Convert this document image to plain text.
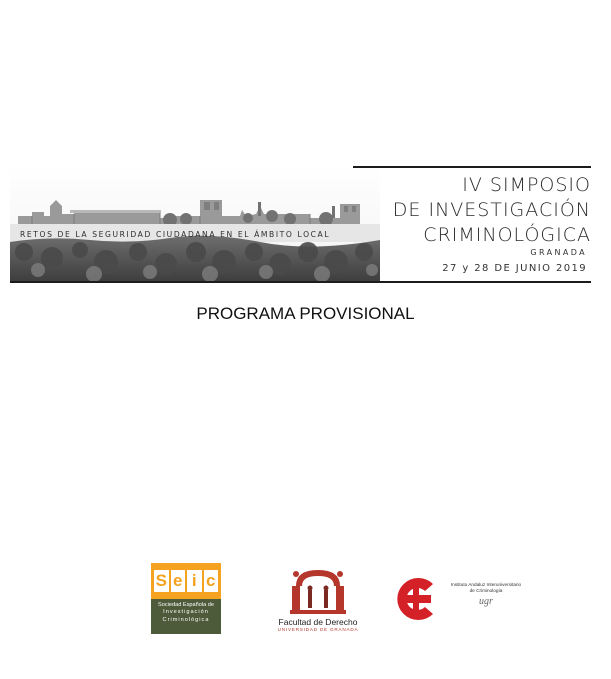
RETOS DE LA SEGURIDAD CIUDADANA EN EL ÁMBITO LOCAL
IV SIMPOSIO
DE INVESTIGACIÓN
CRIMINOLÓGICA
GRANADA
27 y 28 DE JUNIO 2019
PROGRAMA PROVISIONAL
S e i c
Sociedad Española de
Investigación
Criminológica	Facultad de Derecho
UNIVERSIDAD DE GRANADA
Instituto Andaluz Interuniversitario
de Criminología
ugr
